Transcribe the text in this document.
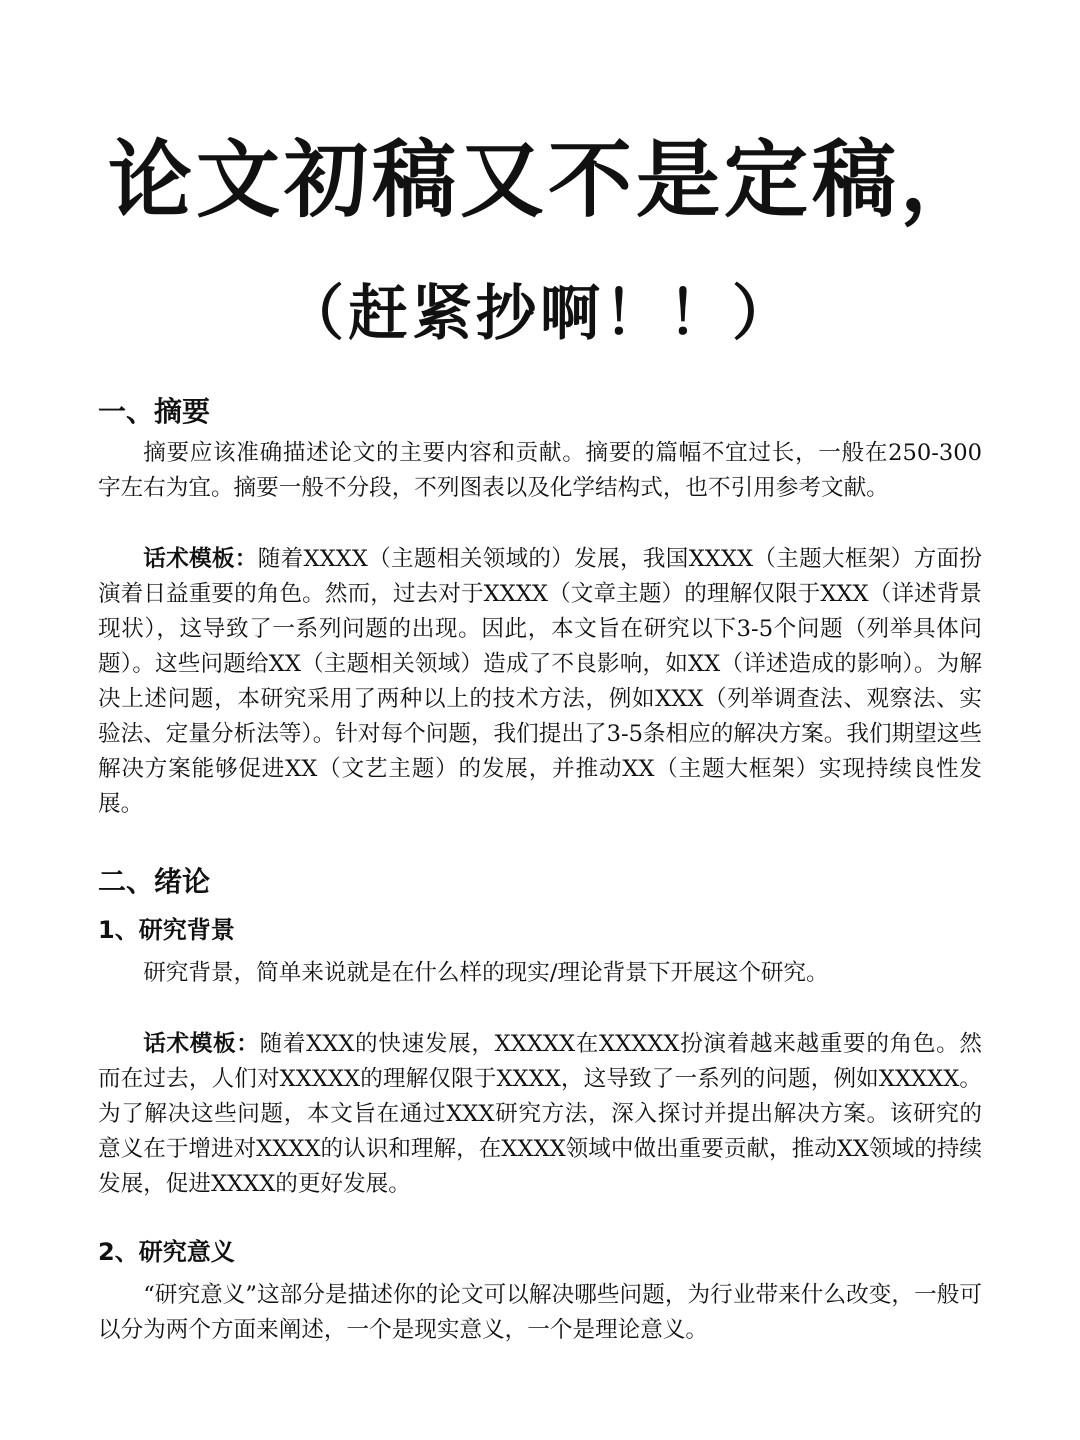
论文初稿又不是定稿，
（赶紧抄啊！！）
一、摘要

摘要应该准确描述论文的主要内容和贡献。摘要的篇幅不宜过长，一般在250-300字左右为宜。摘要一般不分段，不列图表以及化学结构式，也不引用参考文献。

话术模板：随着XXXX（主题相关领域的）发展，我国XXXX（主题大框架）方面扮演着日益重要的角色。然而，过去对于XXXX（文章主题）的理解仅限于XXX（详述背景现状），这导致了一系列问题的出现。因此，本文旨在研究以下3-5个问题（列举具体问题）。这些问题给XX（主题相关领域）造成了不良影响，如XX（详述造成的影响）。为解决上述问题，本研究采用了两种以上的技术方法，例如XXX（列举调查法、观察法、实验法、定量分析法等）。针对每个问题，我们提出了3-5条相应的解决方案。我们期望这些解决方案能够促进XX（文艺主题）的发展，并推动XX（主题大框架）实现持续良性发展。

二、绪论
1、研究背景

研究背景，简单来说就是在什么样的现实/理论背景下开展这个研究。

话术模板：随着XXX的快速发展，XXXXX在XXXXX扮演着越来越重要的角色。然而在过去，人们对XXXXX的理解仅限于XXXX，这导致了一系列的问题，例如XXXXX。为了解决这些问题，本文旨在通过XXX研究方法，深入探讨并提出解决方案。该研究的意义在于增进对XXXX的认识和理解，在XXXX领域中做出重要贡献，推动XX领域的持续发展，促进XXXX的更好发展。

2、研究意义

“研究意义”这部分是描述你的论文可以解决哪些问题，为行业带来什么改变，一般可以分为两个方面来阐述，一个是现实意义，一个是理论意义。
